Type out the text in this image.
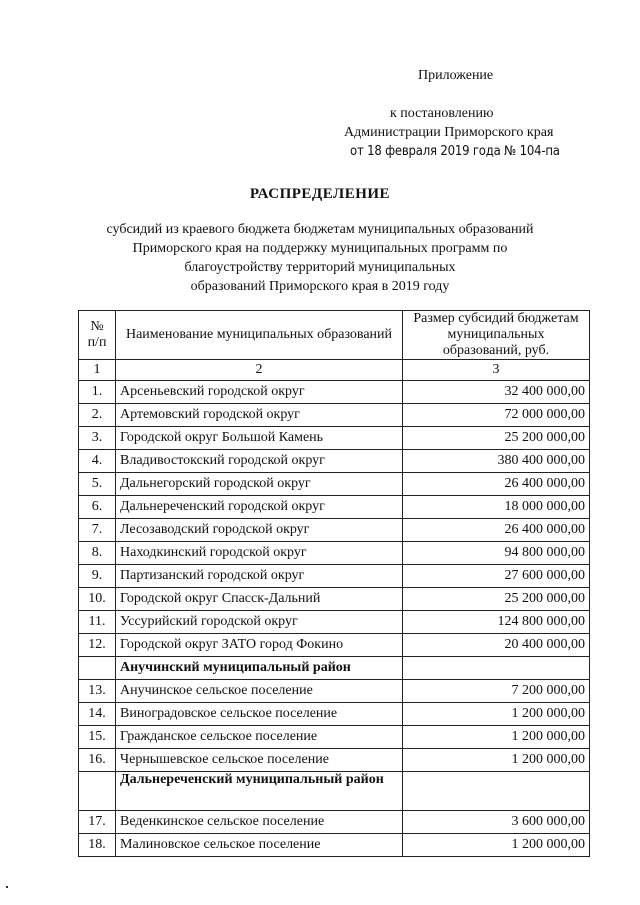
Приложение
к постановлению
Администрации Приморского края
от 18 февраля 2019 года № 104-па
РАСПРЕДЕЛЕНИЕ
субсидий из краевого бюджета бюджетам муниципальных образований
Приморского края на поддержку муниципальных программ по
благоустройству территорий муниципальных
образований Приморского края в 2019 году
№ п/п	Наименование муниципальных образований	Размер субсидий бюджетам муниципальных образований, руб.
1	2	3
1.	Арсеньевский городской округ	32 400 000,00
2.	Артемовский городской округ	72 000 000,00
3.	Городской округ Большой Камень	25 200 000,00
4.	Владивостокский городской округ	380 400 000,00
5.	Дальнегорский городской округ	26 400 000,00
6.	Дальнереченский городской округ	18 000 000,00
7.	Лесозаводский городской округ	26 400 000,00
8.	Находкинский городской округ	94 800 000,00
9.	Партизанский городской округ	27 600 000,00
10.	Городской округ Спасск-Дальний	25 200 000,00
11.	Уссурийский городской округ	124 800 000,00
12.	Городской округ ЗАТО город Фокино	20 400 000,00
	Анучинский муниципальный район	
13.	Анучинское сельское поселение	7 200 000,00
14.	Виноградовское сельское поселение	1 200 000,00
15.	Гражданское сельское поселение	1 200 000,00
16.	Чернышевское сельское поселение	1 200 000,00
	Дальнереченский муниципальный район	
17.	Веденкинское сельское поселение	3 600 000,00
18.	Малиновское сельское поселение	1 200 000,00
